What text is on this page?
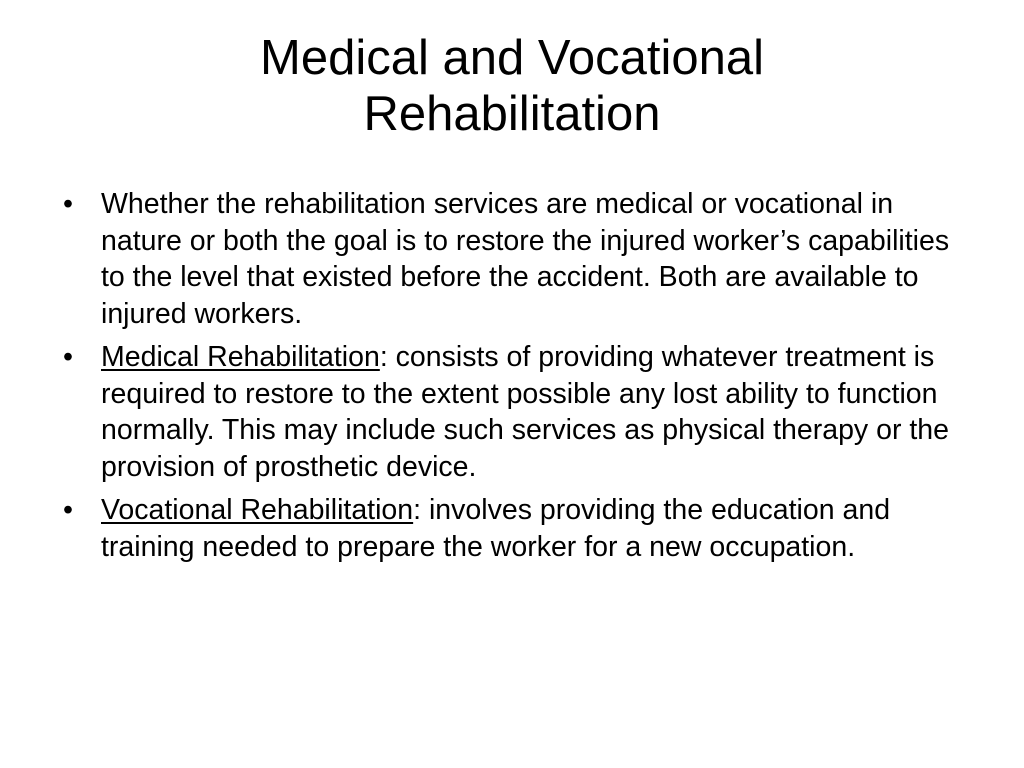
Medical and Vocational
Rehabilitation
• Whether the rehabilitation services are medical or vocational in nature or both the goal is to restore the injured worker’s capabilities to the level that existed before the accident. Both are available to injured workers.
• Medical Rehabilitation: consists of providing whatever treatment is required to restore to the extent possible any lost ability to function normally. This may include such services as physical therapy or the provision of prosthetic device.
• Vocational Rehabilitation: involves providing the education and training needed to prepare the worker for a new occupation.
